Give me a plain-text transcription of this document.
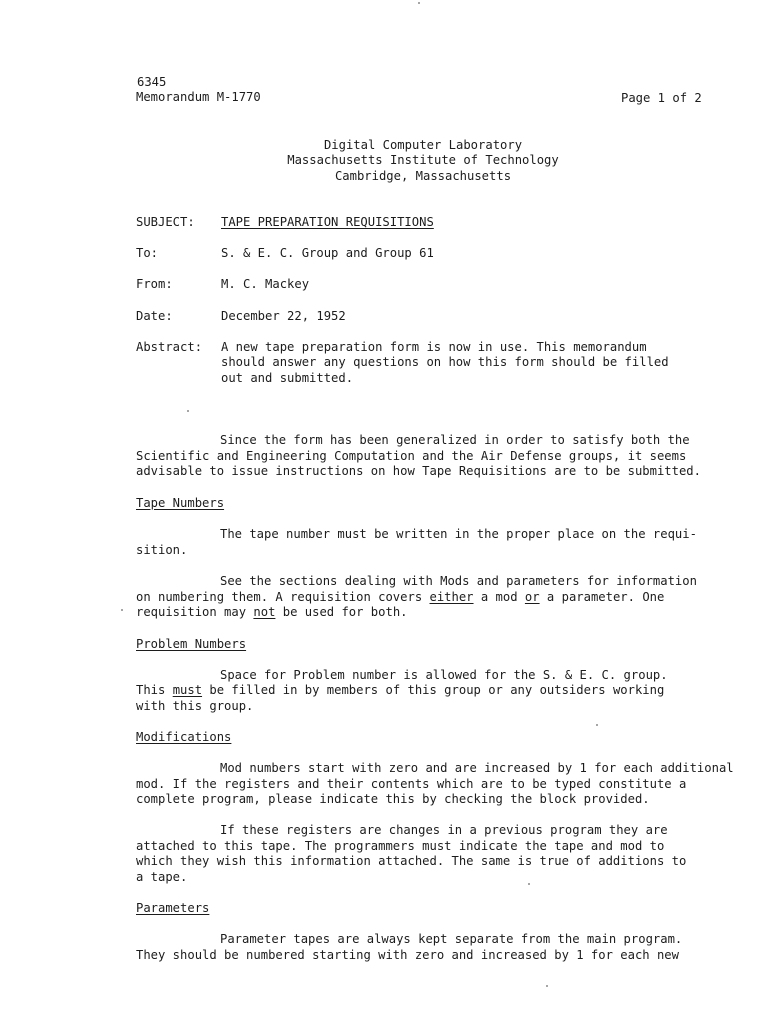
6345
Memorandum M-1770	Page 1 of 2
Digital Computer Laboratory
Massachusetts Institute of Technology
Cambridge, Massachusetts
SUBJECT: TAPE PREPARATION REQUISITIONS
To:	S. & E. C. Group and Group 61
From:	M. C. Mackey
Date:	December 22, 1952
Abstract: A new tape preparation form is now in use. This memorandum
should answer any questions on how this form should be filled
out and submitted.
Since the form has been generalized in order to satisfy both the
Scientific and Engineering Computation and the Air Defense groups, it seems
advisable to issue instructions on how Tape Requisitions are to be submitted.
Tape Numbers
The tape number must be written in the proper place on the requi-
sition.
See the sections dealing with Mods and parameters for information
on numbering them. A requisition covers either a mod or a parameter. One
requisition may not be used for both.
Problem Numbers
Space for Problem number is allowed for the S. & E. C. group.
This must be filled in by members of this group or any outsiders working
with this group.
Modifications
Mod numbers start with zero and are increased by 1 for each additional
mod. If the registers and their contents which are to be typed constitute a
complete program, please indicate this by checking the block provided.
If these registers are changes in a previous program they are
attached to this tape. The programmers must indicate the tape and mod to
which they wish this information attached. The same is true of additions to
a tape.
Parameters
Parameter tapes are always kept separate from the main program.
They should be numbered starting with zero and increased by 1 for each new
